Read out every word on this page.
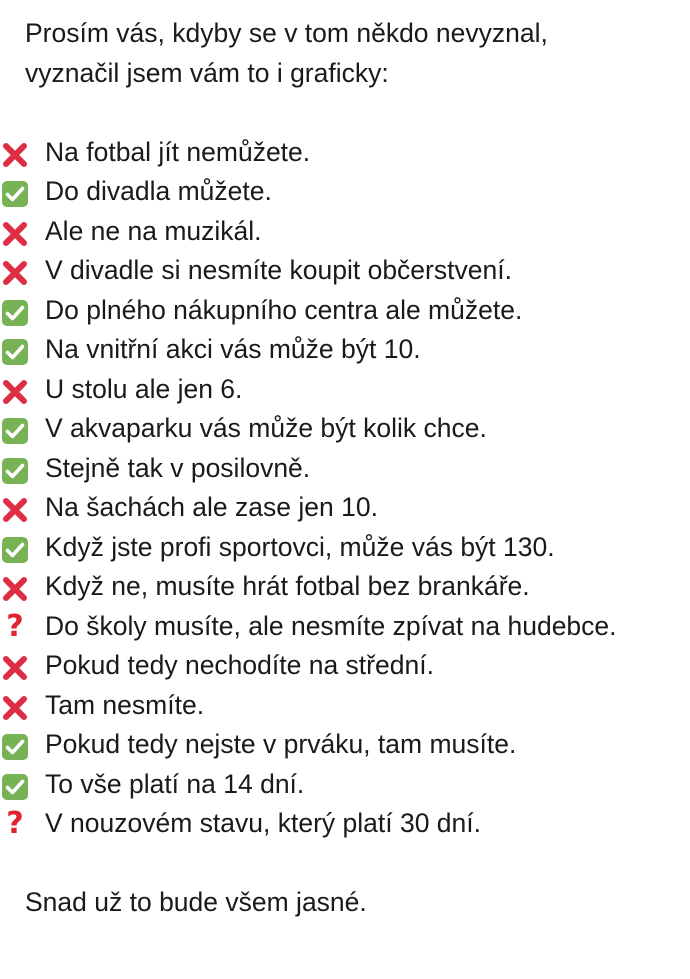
Prosím vás, kdyby se v tom někdo nevyznal,
vyznačil jsem vám to i graficky:
Na fotbal jít nemůžete.
Do divadla můžete.
Ale ne na muzikál.
V divadle si nesmíte koupit občerstvení.
Do plného nákupního centra ale můžete.
Na vnitřní akci vás může být 10.
U stolu ale jen 6.
V akvaparku vás může být kolik chce.
Stejně tak v posilovně.
Na šachách ale zase jen 10.
Když jste profi sportovci, může vás být 130.
Když ne, musíte hrát fotbal bez brankáře.
? Do školy musíte, ale nesmíte zpívat na hudebce.
Pokud tedy nechodíte na střední.
Tam nesmíte.
Pokud tedy nejste v prváku, tam musíte.
To vše platí na 14 dní.
? V nouzovém stavu, který platí 30 dní.
Snad už to bude všem jasné.
